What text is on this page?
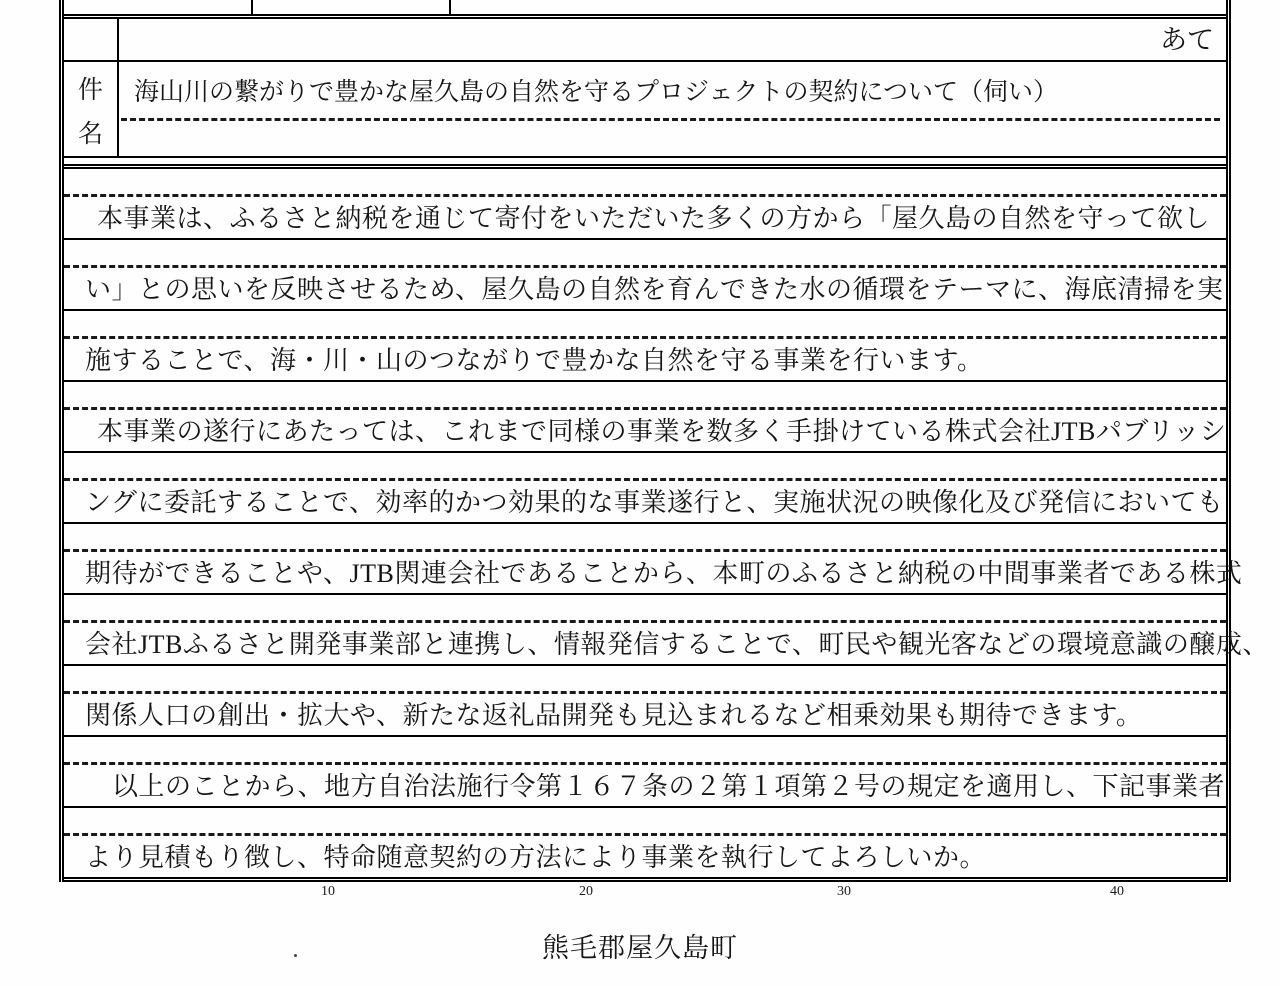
あて
件
名
海山川の繋がりで豊かな屋久島の自然を守るプロジェクトの契約について（伺い）
本事業は、ふるさと納税を通じて寄付をいただいた多くの方から「屋久島の自然を守って欲し
い」との思いを反映させるため、屋久島の自然を育んできた水の循環をテーマに、海底清掃を実
施することで、海・川・山のつながりで豊かな自然を守る事業を行います。
本事業の遂行にあたっては、これまで同様の事業を数多く手掛けている株式会社JTBパブリッシ
ングに委託することで、効率的かつ効果的な事業遂行と、実施状況の映像化及び発信においても
期待ができることや、JTB関連会社であることから、本町のふるさと納税の中間事業者である株式
会社JTBふるさと開発事業部と連携し、情報発信することで、町民や観光客などの環境意識の醸成、
関係人口の創出・拡大や、新たな返礼品開発も見込まれるなど相乗効果も期待できます。
以上のことから、地方自治法施行令第１６７条の２第１項第２号の規定を適用し、下記事業者
より見積もり徴し、特命随意契約の方法により事業を執行してよろしいか。
10	20	30	40
熊毛郡屋久島町
